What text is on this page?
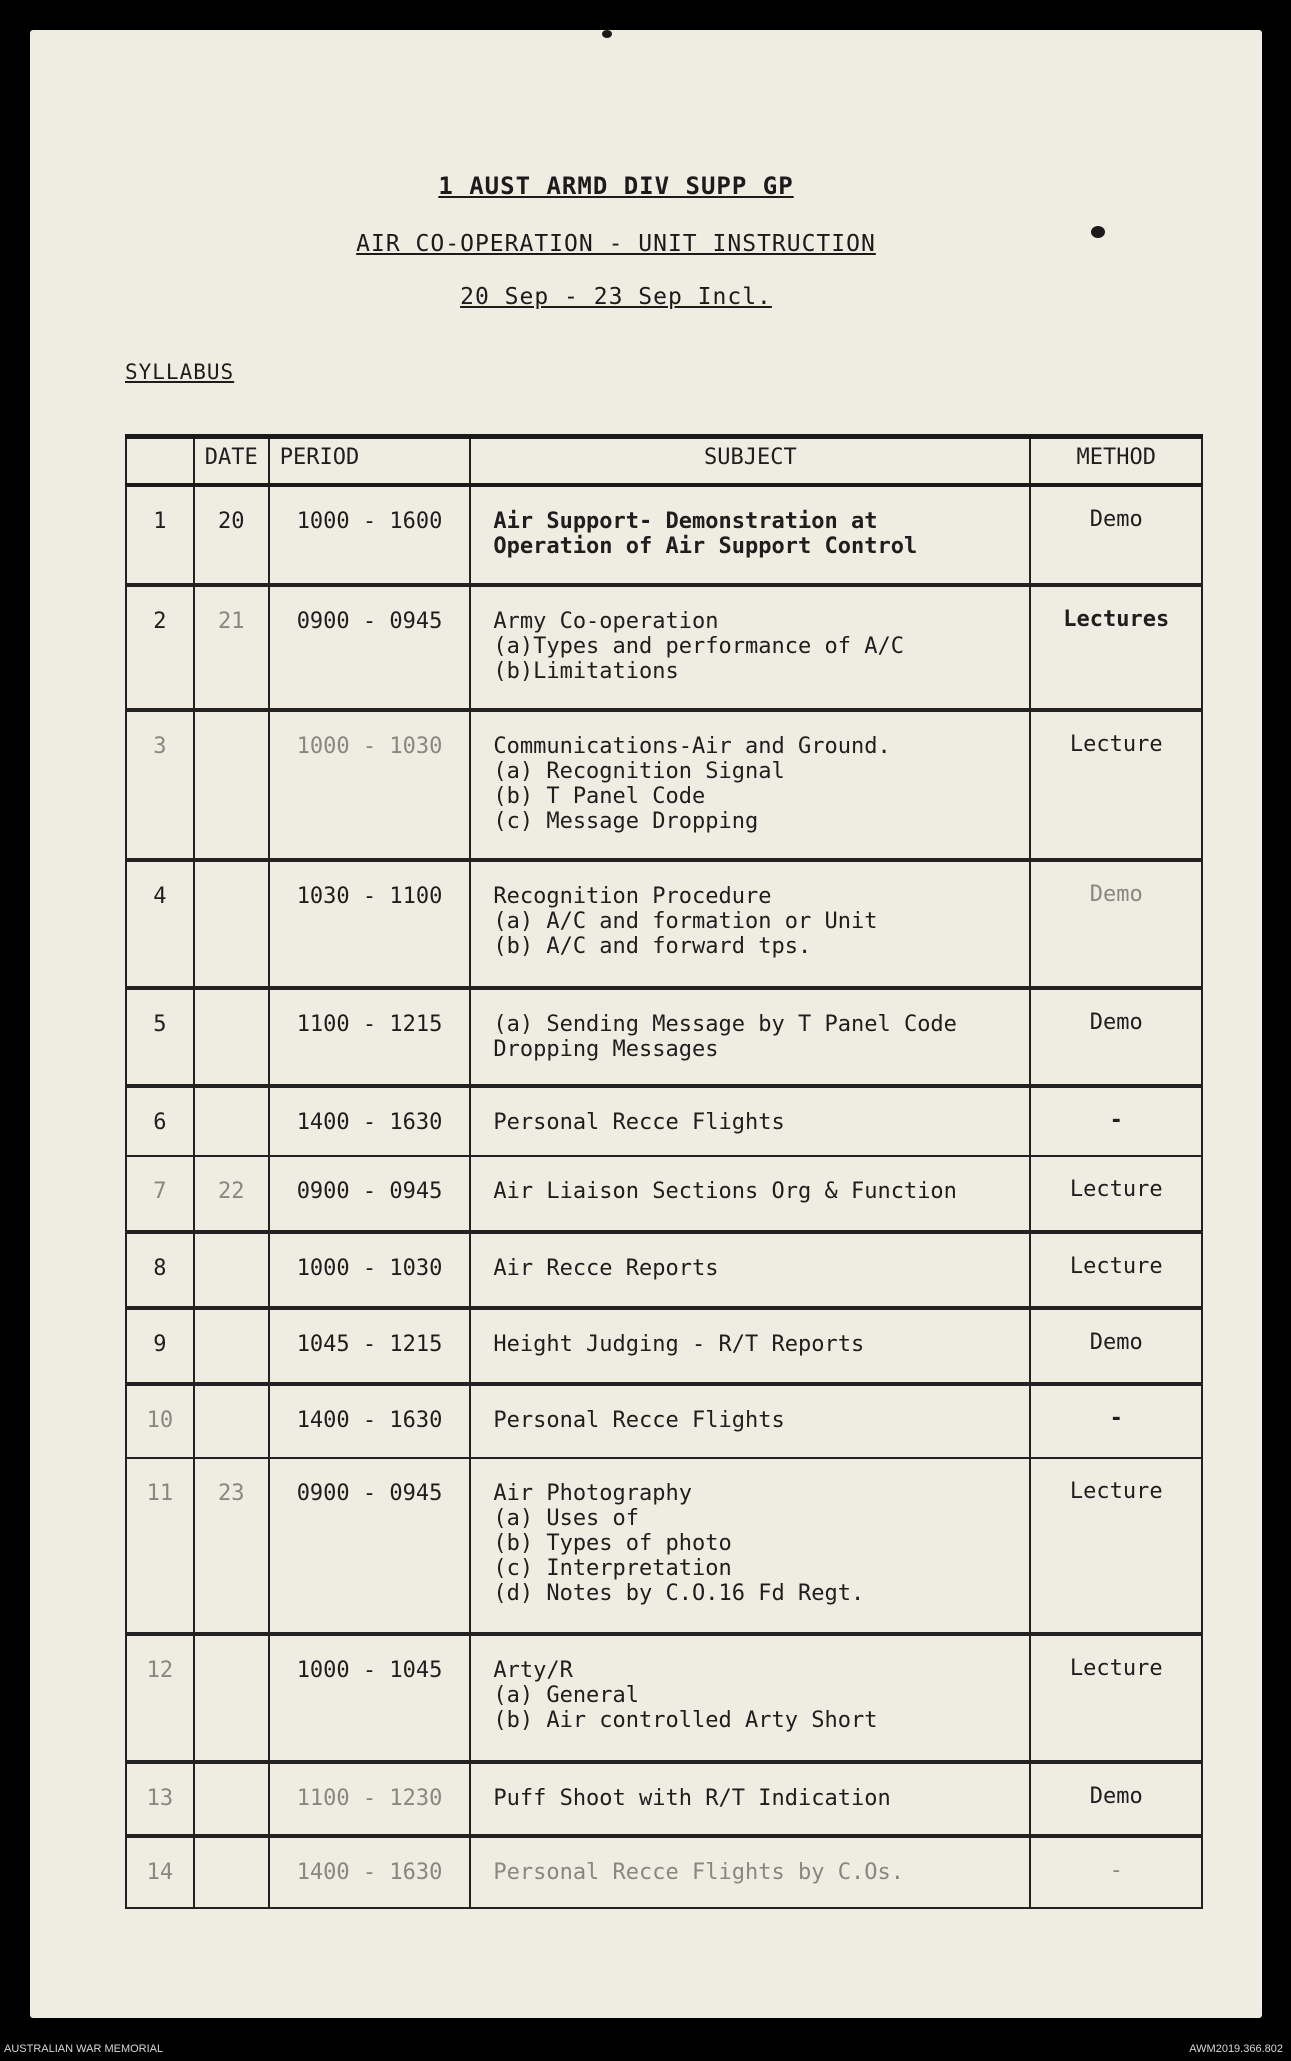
1 AUST ARMD DIV SUPP GP
AIR CO-OPERATION - UNIT INSTRUCTION
20 Sep - 23 Sep Incl.
SYLLABUS
	DATE	PERIOD	SUBJECT	METHOD
1	20	1000 - 1600	Air Support- Demonstration at
Operation of Air Support Control	Demo
2	21	0900 - 0945	Army Co-operation
(a)Types and performance of A/C
(b)Limitations	Lectures
3		1000 - 1030	Communications-Air and Ground.
(a) Recognition Signal
(b) T Panel Code
(c) Message Dropping	Lecture
4		1030 - 1100	Recognition Procedure
(a) A/C and formation or Unit
(b) A/C and forward tps.	Demo
5		1100 - 1215	(a) Sending Message by T Panel Code
Dropping Messages	Demo
6		1400 - 1630	Personal Recce Flights	-
7	22	0900 - 0945	Air Liaison Sections Org & Function	Lecture
8		1000 - 1030	Air Recce Reports	Lecture
9		1045 - 1215	Height Judging - R/T Reports	Demo
10		1400 - 1630	Personal Recce Flights	-
11	23	0900 - 0945	Air Photography
(a) Uses of
(b) Types of photo
(c) Interpretation
(d) Notes by C.O.16 Fd Regt.	Lecture
12		1000 - 1045	Arty/R
(a) General
(b) Air controlled Arty Short	Lecture
13		1100 - 1230	Puff Shoot with R/T Indication	Demo
14		1400 - 1630	Personal Recce Flights by C.Os.	-
AUSTRALIAN WAR MEMORIAL	AWM2019.366.802
